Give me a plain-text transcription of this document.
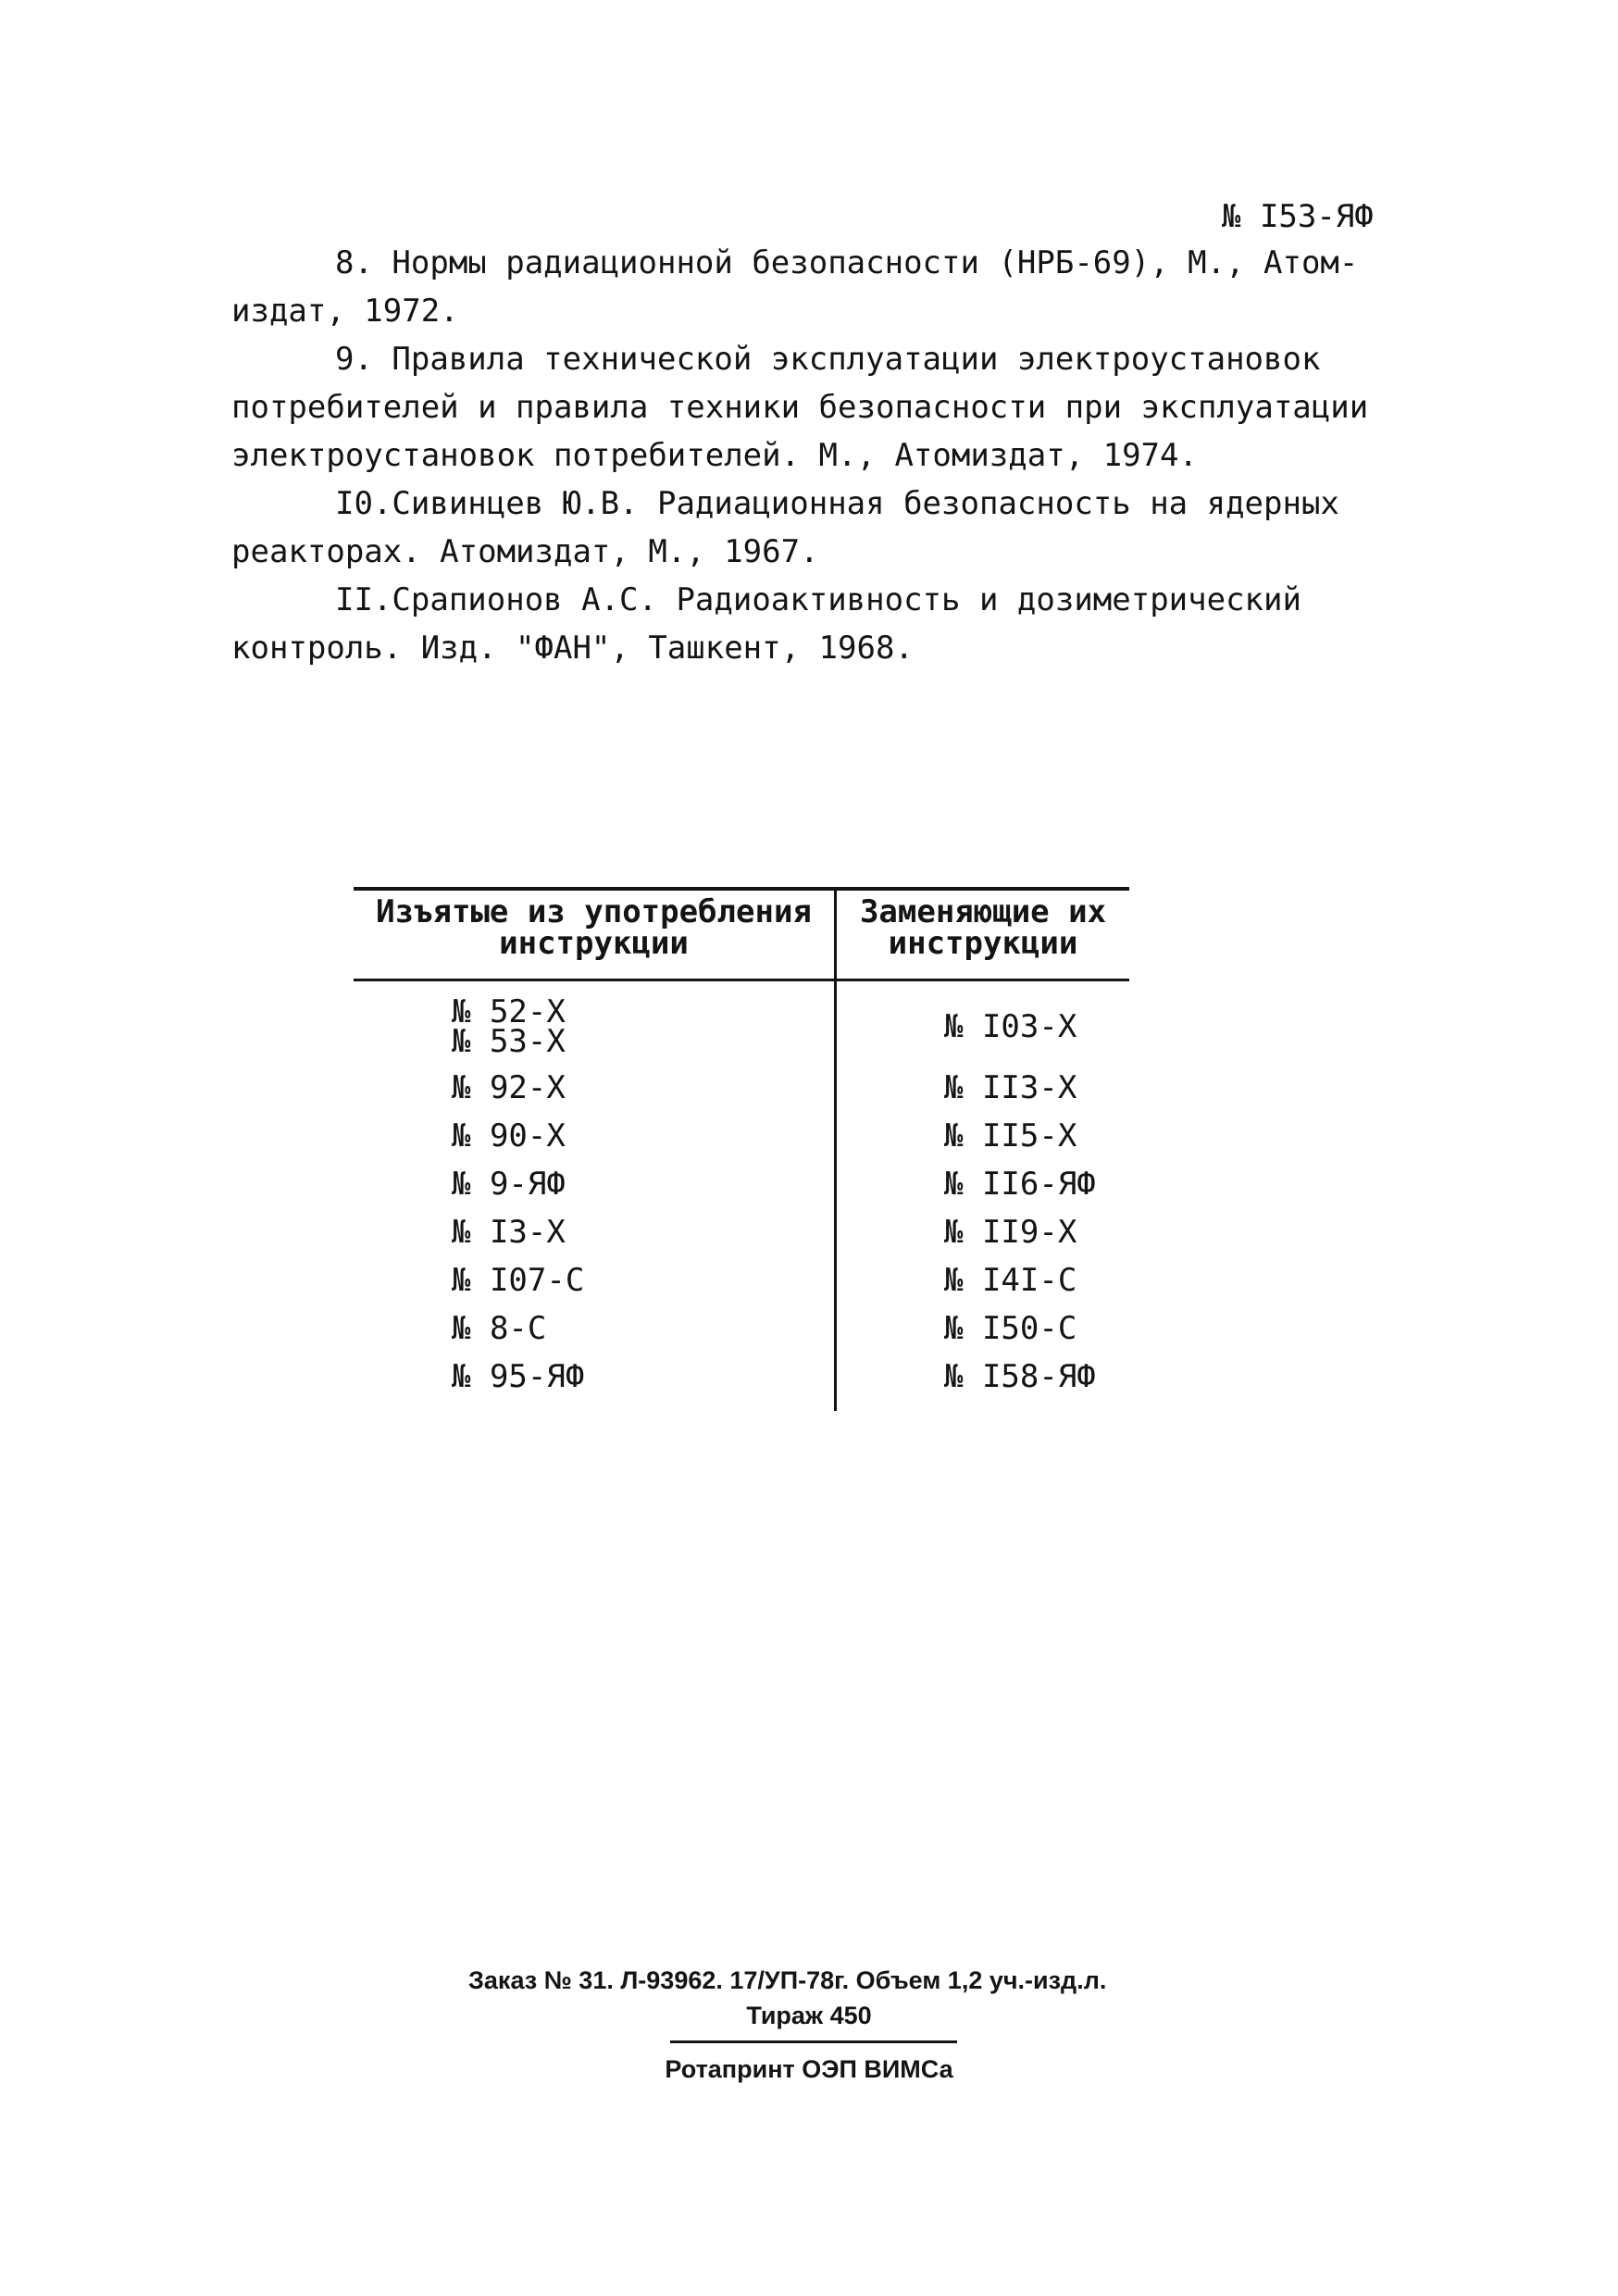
№ I53-ЯФ
8. Нормы радиационной безопасности (НРБ-69), М., Атом-
издат, 1972.
9. Правила технической эксплуатации электроустановок
потребителей и правила техники безопасности при эксплуатации
электроустановок потребителей. М., Атомиздат, 1974.
I0.Сивинцев Ю.В. Радиационная безопасность на ядерных
реакторах. Атомиздат, М., 1967.
II.Срапионов А.С. Радиоактивность и дозиметрический
контроль. Изд. "ФАН", Ташкент, 1968.
Изъятые из употребления
инструкции
Заменяющие их
инструкции
№ 52-Х
№ 53-Х
№ 92-Х
№ 90-Х
№ 9-ЯФ
№ I3-Х
№ I07-С
№ 8-С
№ 95-ЯФ
№ I03-Х
№ II3-Х
№ II5-Х
№ II6-ЯФ
№ II9-Х
№ I4I-С
№ I50-С
№ I58-ЯФ
Заказ № 31. Л-93962. 17/УП-78г. Объем 1,2 уч.-изд.л.
Тираж 450
Ротапринт ОЭП ВИМСа
